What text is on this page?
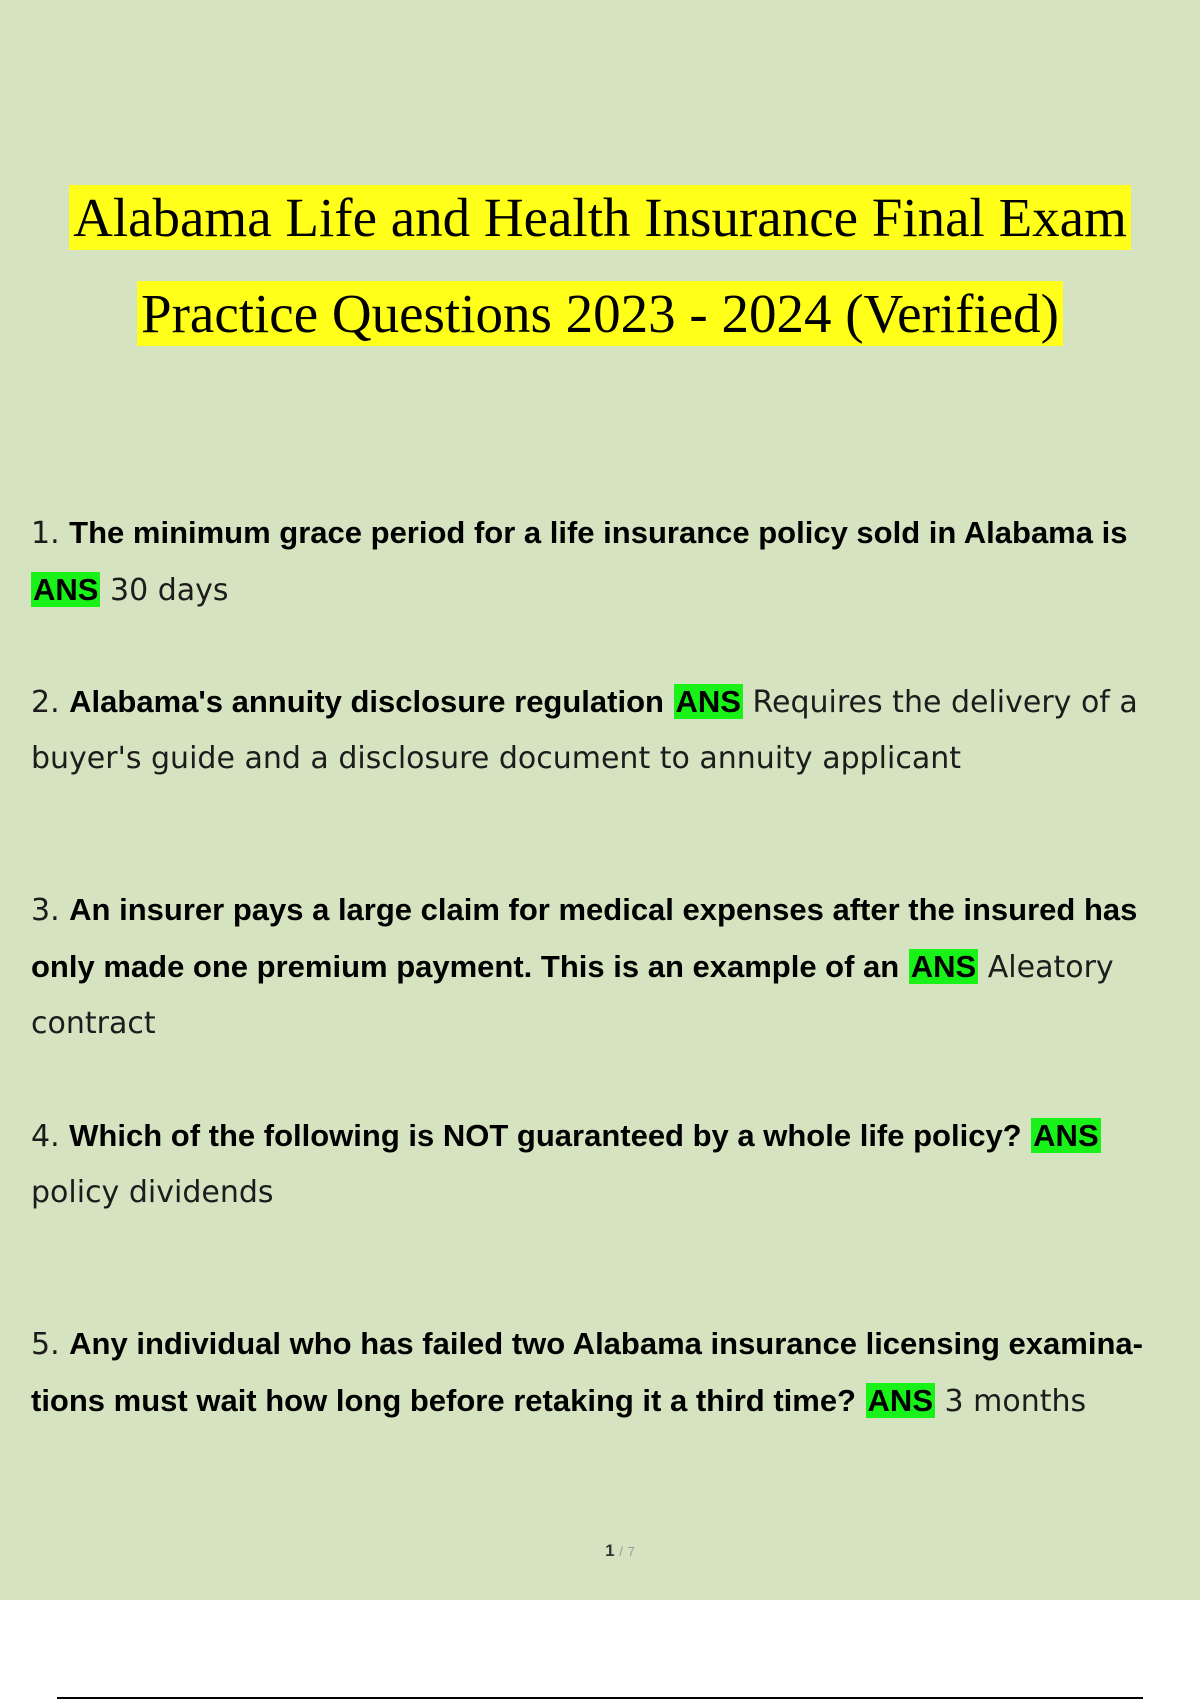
Alabama Life and Health Insurance Final Exam
Practice Questions 2023 - 2024 (Verified)
1. The minimum grace period for a life insurance policy sold in Alabama is ANS 30 days
2. Alabama's annuity disclosure regulation ANS Requires the delivery of a buyer's guide and a disclosure document to annuity applicant
3. An insurer pays a large claim for medical expenses after the insured has only made one premium payment. This is an example of an ANS Aleatory contract
4. Which of the following is NOT guaranteed by a whole life policy? ANS policy dividends
5. Any individual who has failed two Alabama insurance licensing examina- tions must wait how long before retaking it a third time? ANS 3 months
1 / 7
